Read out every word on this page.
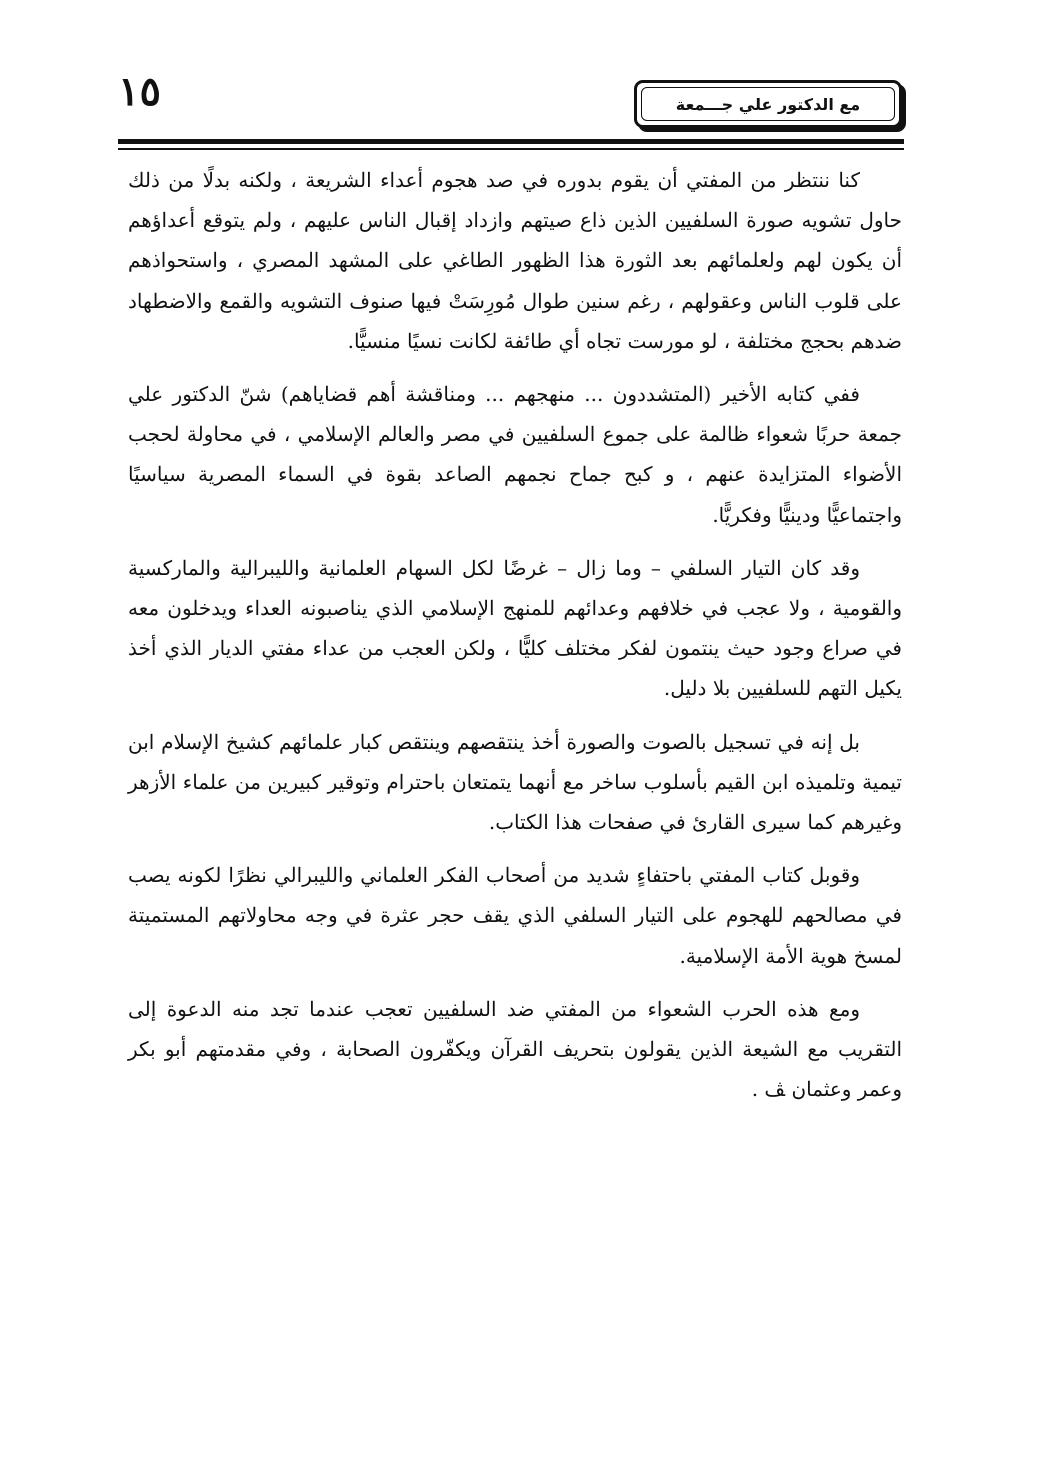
١٥	مع الدكتور علي جـــمعة

كنا ننتظر من المفتي أن يقوم بدوره في صد هجوم أعداء الشريعة ، ولكنه بدلًا من ذلك حاول تشويه صورة السلفيين الذين ذاع صيتهم وازداد إقبال الناس عليهم ، ولم يتوقع أعداؤهم أن يكون لهم ولعلمائهم بعد الثورة هذا الظهور الطاغي على المشهد المصري ، واستحواذهم على قلوب الناس وعقولهم ، رغم سنين طوال مُورِسَتْ فيها صنوف التشويه والقمع والاضطهاد ضدهم بحجج مختلفة ، لو مورست تجاه أي طائفة لكانت نسيًا منسيًّا.

ففي كتابه الأخير (المتشددون ... منهجهم ... ومناقشة أهم قضاياهم) شنّ الدكتور علي جمعة حربًا شعواء ظالمة على جموع السلفيين في مصر والعالم الإسلامي ، في محاولة لحجب الأضواء المتزايدة عنهم ، و كبح جماح نجمهم الصاعد بقوة في السماء المصرية سياسيًا واجتماعيًّا ودينيًّا وفكريًّا.

وقد كان التيار السلفي – وما زال – غرضًا لكل السهام العلمانية والليبرالية والماركسية والقومية ، ولا عجب في خلافهم وعدائهم للمنهج الإسلامي الذي يناصبونه العداء ويدخلون معه في صراع وجود حيث ينتمون لفكر مختلف كليًّا ، ولكن العجب من عداء مفتي الديار الذي أخذ يكيل التهم للسلفيين بلا دليل.

بل إنه في تسجيل بالصوت والصورة أخذ ينتقصهم وينتقص كبار علمائهم كشيخ الإسلام ابن تيمية وتلميذه ابن القيم بأسلوب ساخر مع أنهما يتمتعان باحترام وتوقير كبيرين من علماء الأزهر وغيرهم كما سيرى القارئ في صفحات هذا الكتاب.

وقوبل كتاب المفتي باحتفاءٍ شديد من أصحاب الفكر العلماني والليبرالي نظرًا لكونه يصب في مصالحهم للهجوم على التيار السلفي الذي يقف حجر عثرة في وجه محاولاتهم المستميتة لمسخ هوية الأمة الإسلامية.

ومع هذه الحرب الشعواء من المفتي ضد السلفيين تعجب عندما تجد منه الدعوة إلى التقريب مع الشيعة الذين يقولون بتحريف القرآن ويكفّرون الصحابة ، وفي مقدمتهم أبو بكر وعمر وعثمان ﭫ .
